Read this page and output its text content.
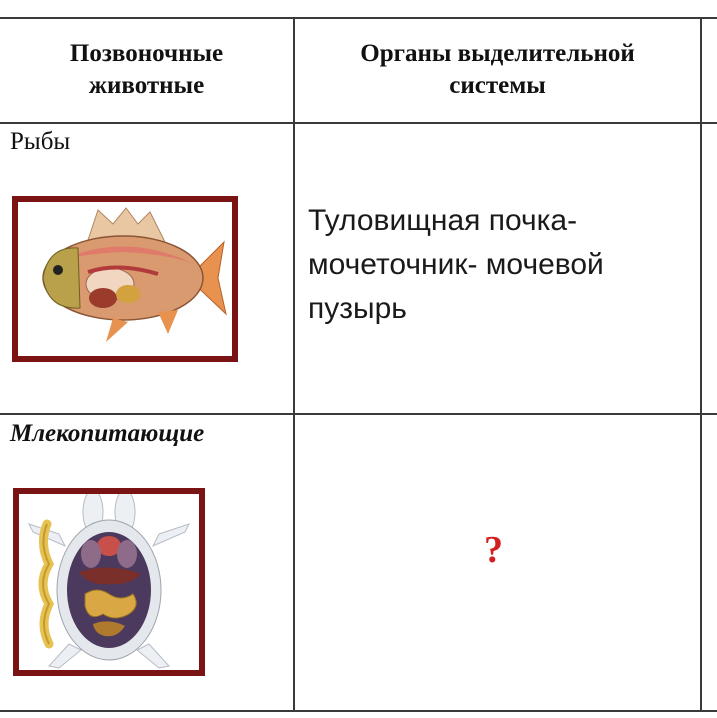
Позвоночные животные
Органы выделительной системы
Рыбы
Туловищная почка- мочеточник- мочевой пузырь
Млекопитающие
?
